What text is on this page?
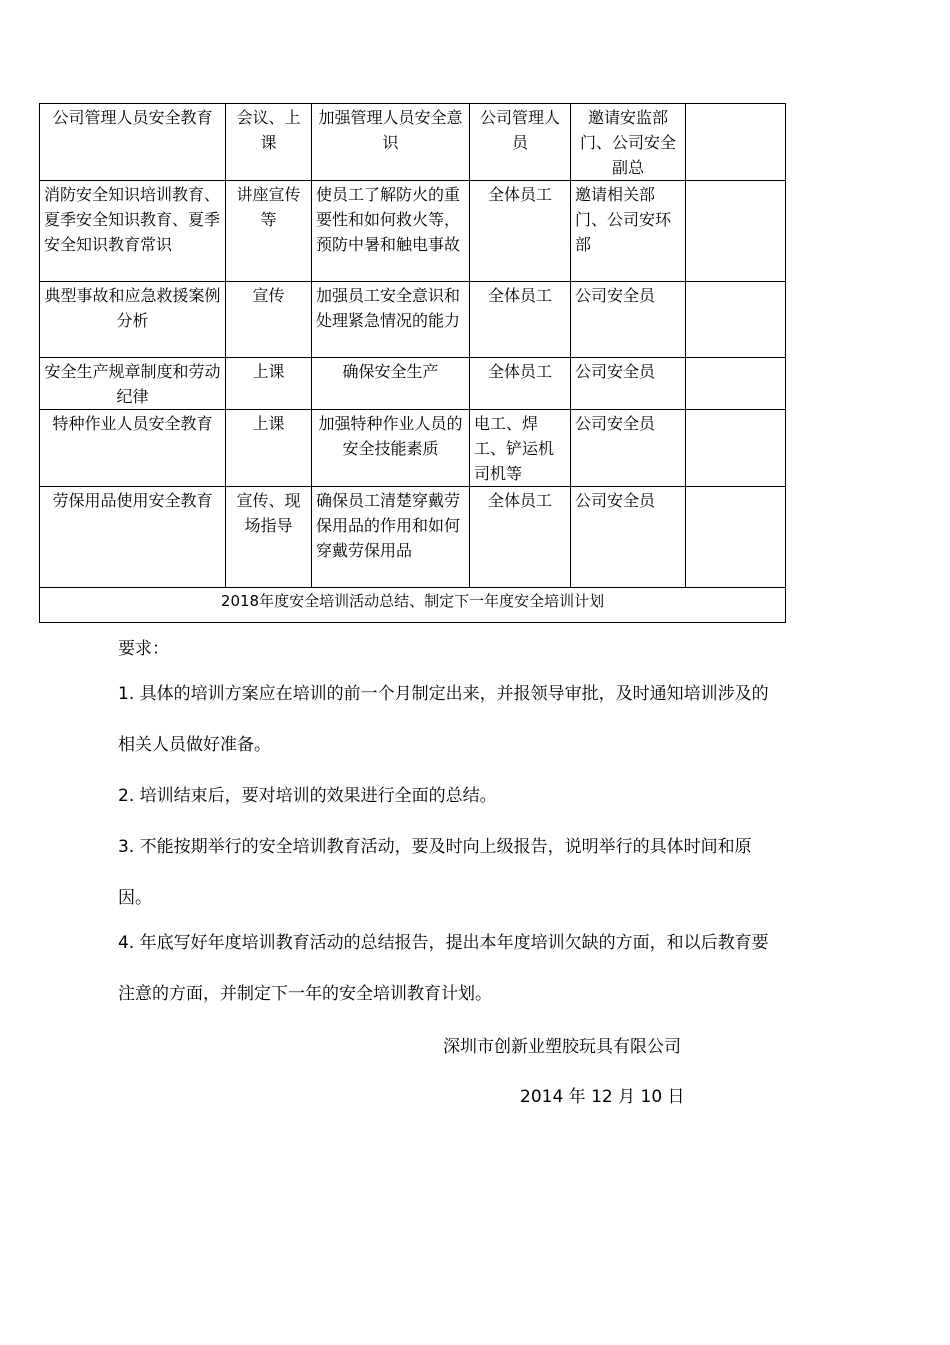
公司管理人员安全教育	会议、上课	加强管理人员安全意识	公司管理人员	邀请安监部门、公司安全副总	
消防安全知识培训教育、夏季安全知识教育、夏季安全知识教育常识	讲座宣传等	使员工了解防火的重要性和如何救火等，预防中暑和触电事故	全体员工	邀请相关部门、公司安环部	
典型事故和应急救援案例分析	宣传	加强员工安全意识和处理紧急情况的能力	全体员工	公司安全员	
安全生产规章制度和劳动纪律	上课	确保安全生产	全体员工	公司安全员	
特种作业人员安全教育	上课	加强特种作业人员的安全技能素质	电工、焊工、铲运机司机等	公司安全员	
劳保用品使用安全教育	宣传、现场指导	确保员工清楚穿戴劳保用品的作用和如何穿戴劳保用品	全体员工	公司安全员	
2018年度安全培训活动总结、制定下一年度安全培训计划					
要求：
1. 具体的培训方案应在培训的前一个月制定出来，并报领导审批，及时通知培训涉及的相关人员做好准备。
2. 培训结束后，要对培训的效果进行全面的总结。
3. 不能按期举行的安全培训教育活动，要及时向上级报告，说明举行的具体时间和原因。
4. 年底写好年度培训教育活动的总结报告，提出本年度培训欠缺的方面，和以后教育要注意的方面，并制定下一年的安全培训教育计划。
深圳市创新业塑胶玩具有限公司
2014 年 12 月 10 日
